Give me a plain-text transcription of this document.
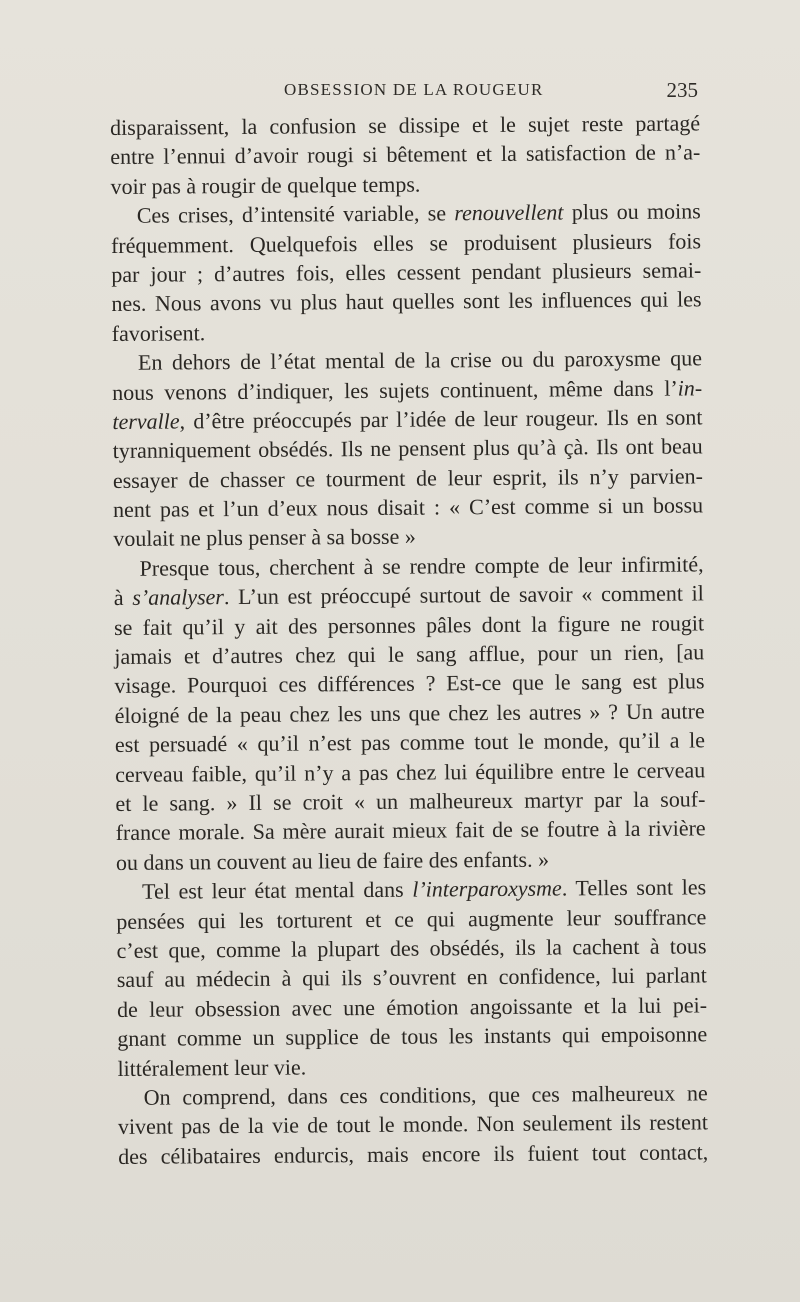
OBSESSION DE LA ROUGEUR	235
disparaissent, la confusion se dissipe et le sujet reste partagé
entre l’ennui d’avoir rougi si bêtement et la satisfaction de n’a-
voir pas à rougir de quelque temps.
Ces crises, d’intensité variable, se renouvellent plus ou moins
fréquemment. Quelquefois elles se produisent plusieurs fois
par jour ; d’autres fois, elles cessent pendant plusieurs semai-
nes. Nous avons vu plus haut quelles sont les influences qui les
favorisent.
En dehors de l’état mental de la crise ou du paroxysme que
nous venons d’indiquer, les sujets continuent, même dans l’in-
tervalle, d’être préoccupés par l’idée de leur rougeur. Ils en sont
tyranniquement obsédés. Ils ne pensent plus qu’à çà. Ils ont beau
essayer de chasser ce tourment de leur esprit, ils n’y parvien-
nent pas et l’un d’eux nous disait : « C’est comme si un bossu
voulait ne plus penser à sa bosse »
Presque tous, cherchent à se rendre compte de leur infirmité,
à s’analyser. L’un est préoccupé surtout de savoir « comment il
se fait qu’il y ait des personnes pâles dont la figure ne rougit
jamais et d’autres chez qui le sang afflue, pour un rien, [au
visage. Pourquoi ces différences ? Est-ce que le sang est plus
éloigné de la peau chez les uns que chez les autres » ? Un autre
est persuadé « qu’il n’est pas comme tout le monde, qu’il a le
cerveau faible, qu’il n’y a pas chez lui équilibre entre le cerveau
et le sang. » Il se croit « un malheureux martyr par la souf-
france morale. Sa mère aurait mieux fait de se foutre à la rivière
ou dans un couvent au lieu de faire des enfants. »
Tel est leur état mental dans l’interparoxysme. Telles sont les
pensées qui les torturent et ce qui augmente leur souffrance
c’est que, comme la plupart des obsédés, ils la cachent à tous
sauf au médecin à qui ils s’ouvrent en confidence, lui parlant
de leur obsession avec une émotion angoissante et la lui pei-
gnant comme un supplice de tous les instants qui empoisonne
littéralement leur vie.
On comprend, dans ces conditions, que ces malheureux ne
vivent pas de la vie de tout le monde. Non seulement ils restent
des célibataires endurcis, mais encore ils fuient tout contact,
